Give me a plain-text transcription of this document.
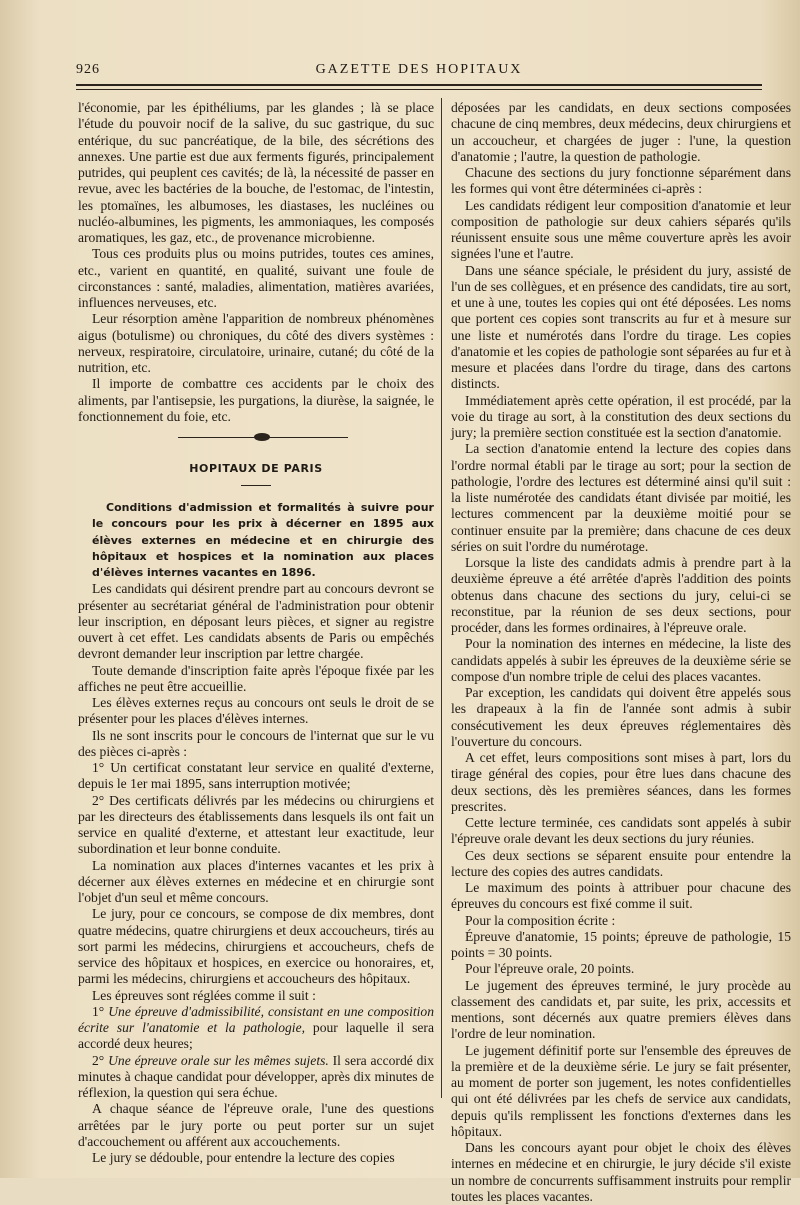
926	GAZETTE DES HOPITAUX

l'économie, par les épithéliums, par les glandes ; là se place l'étude du pouvoir nocif de la salive, du suc gastrique, du suc entérique, du suc pancréatique, de la bile, des sécrétions des annexes. Une partie est due aux ferments figurés, principalement putrides, qui peuplent ces cavités; de là, la nécessité de passer en revue, avec les bactéries de la bouche, de l'estomac, de l'intestin, les ptomaïnes, les albumoses, les diastases, les nucléines ou nucléo-albumines, les pigments, les ammoniaques, les composés aromatiques, les gaz, etc., de provenance microbienne.

Tous ces produits plus ou moins putrides, toutes ces amines, etc., varient en quantité, en qualité, suivant une foule de circonstances : santé, maladies, alimentation, matières avariées, influences nerveuses, etc.

Leur résorption amène l'apparition de nombreux phénomènes aigus (botulisme) ou chroniques, du côté des divers systèmes : nerveux, respiratoire, circulatoire, urinaire, cutané; du côté de la nutrition, etc.

Il importe de combattre ces accidents par le choix des aliments, par l'antisepsie, les purgations, la diurèse, la saignée, le fonctionnement du foie, etc.

HOPITAUX DE PARIS

Conditions d'admission et formalités à suivre pour le concours pour les prix à décerner en 1895 aux élèves externes en médecine et en chirurgie des hôpitaux et hospices et la nomination aux places d'élèves internes vacantes en 1896.

Les candidats qui désirent prendre part au concours devront se présenter au secrétariat général de l'administration pour obtenir leur inscription, en déposant leurs pièces, et signer au registre ouvert à cet effet. Les candidats absents de Paris ou empêchés devront demander leur inscription par lettre chargée.

Toute demande d'inscription faite après l'époque fixée par les affiches ne peut être accueillie.

Les élèves externes reçus au concours ont seuls le droit de se présenter pour les places d'élèves internes.

Ils ne sont inscrits pour le concours de l'internat que sur le vu des pièces ci-après :

1° Un certificat constatant leur service en qualité d'externe, depuis le 1er mai 1895, sans interruption motivée;

2° Des certificats délivrés par les médecins ou chirurgiens et par les directeurs des établissements dans lesquels ils ont fait un service en qualité d'externe, et attestant leur exactitude, leur subordination et leur bonne conduite.

La nomination aux places d'internes vacantes et les prix à décerner aux élèves externes en médecine et en chirurgie sont l'objet d'un seul et même concours.

Le jury, pour ce concours, se compose de dix membres, dont quatre médecins, quatre chirurgiens et deux accoucheurs, tirés au sort parmi les médecins, chirurgiens et accoucheurs, chefs de service des hôpitaux et hospices, en exercice ou honoraires, et, parmi les médecins, chirurgiens et accoucheurs des hôpitaux.

Les épreuves sont réglées comme il suit :

1° Une épreuve d'admissibilité, consistant en une composition écrite sur l'anatomie et la pathologie, pour laquelle il sera accordé deux heures;

2° Une épreuve orale sur les mêmes sujets. Il sera accordé dix minutes à chaque candidat pour développer, après dix minutes de réflexion, la question qui sera échue.

A chaque séance de l'épreuve orale, l'une des questions arrêtées par le jury porte ou peut porter sur un sujet d'accouchement ou afférent aux accouchements.

Le jury se dédouble, pour entendre la lecture des copies

déposées par les candidats, en deux sections composées chacune de cinq membres, deux médecins, deux chirurgiens et un accoucheur, et chargées de juger : l'une, la question d'anatomie ; l'autre, la question de pathologie.

Chacune des sections du jury fonctionne séparément dans les formes qui vont être déterminées ci-après :

Les candidats rédigent leur composition d'anatomie et leur composition de pathologie sur deux cahiers séparés qu'ils réunissent ensuite sous une même couverture après les avoir signées l'une et l'autre.

Dans une séance spéciale, le président du jury, assisté de l'un de ses collègues, et en présence des candidats, tire au sort, et une à une, toutes les copies qui ont été déposées. Les noms que portent ces copies sont transcrits au fur et à mesure sur une liste et numérotés dans l'ordre du tirage. Les copies d'anatomie et les copies de pathologie sont séparées au fur et à mesure et placées dans l'ordre du tirage, dans des cartons distincts.

Immédiatement après cette opération, il est procédé, par la voie du tirage au sort, à la constitution des deux sections du jury; la première section constituée est la section d'anatomie.

La section d'anatomie entend la lecture des copies dans l'ordre normal établi par le tirage au sort; pour la section de pathologie, l'ordre des lectures est déterminé ainsi qu'il suit : la liste numérotée des candidats étant divisée par moitié, les lectures commencent par la deuxième moitié pour se continuer ensuite par la première; dans chacune de ces deux séries on suit l'ordre du numérotage.

Lorsque la liste des candidats admis à prendre part à la deuxième épreuve a été arrêtée d'après l'addition des points obtenus dans chacune des sections du jury, celui-ci se reconstitue, par la réunion de ses deux sections, pour procéder, dans les formes ordinaires, à l'épreuve orale.

Pour la nomination des internes en médecine, la liste des candidats appelés à subir les épreuves de la deuxième série se compose d'un nombre triple de celui des places vacantes.

Par exception, les candidats qui doivent être appelés sous les drapeaux à la fin de l'année sont admis à subir consécutivement les deux épreuves réglementaires dès l'ouverture du concours.

A cet effet, leurs compositions sont mises à part, lors du tirage général des copies, pour être lues dans chacune des deux sections, dès les premières séances, dans les formes prescrites.

Cette lecture terminée, ces candidats sont appelés à subir l'épreuve orale devant les deux sections du jury réunies.

Ces deux sections se séparent ensuite pour entendre la lecture des copies des autres candidats.

Le maximum des points à attribuer pour chacune des épreuves du concours est fixé comme il suit.

Pour la composition écrite :

Épreuve d'anatomie, 15 points; épreuve de pathologie, 15 points = 30 points.

Pour l'épreuve orale, 20 points.

Le jugement des épreuves terminé, le jury procède au classement des candidats et, par suite, les prix, accessits et mentions, sont décernés aux quatre premiers élèves dans l'ordre de leur nomination.

Le jugement définitif porte sur l'ensemble des épreuves de la première et de la deuxième série. Le jury se fait présenter, au moment de porter son jugement, les notes confidentielles qui ont été délivrées par les chefs de service aux candidats, depuis qu'ils remplissent les fonctions d'externes dans les hôpitaux.

Dans les concours ayant pour objet le choix des élèves internes en médecine et en chirurgie, le jury décide s'il existe un nombre de concurrents suffisamment instruits pour remplir toutes les places vacantes.
